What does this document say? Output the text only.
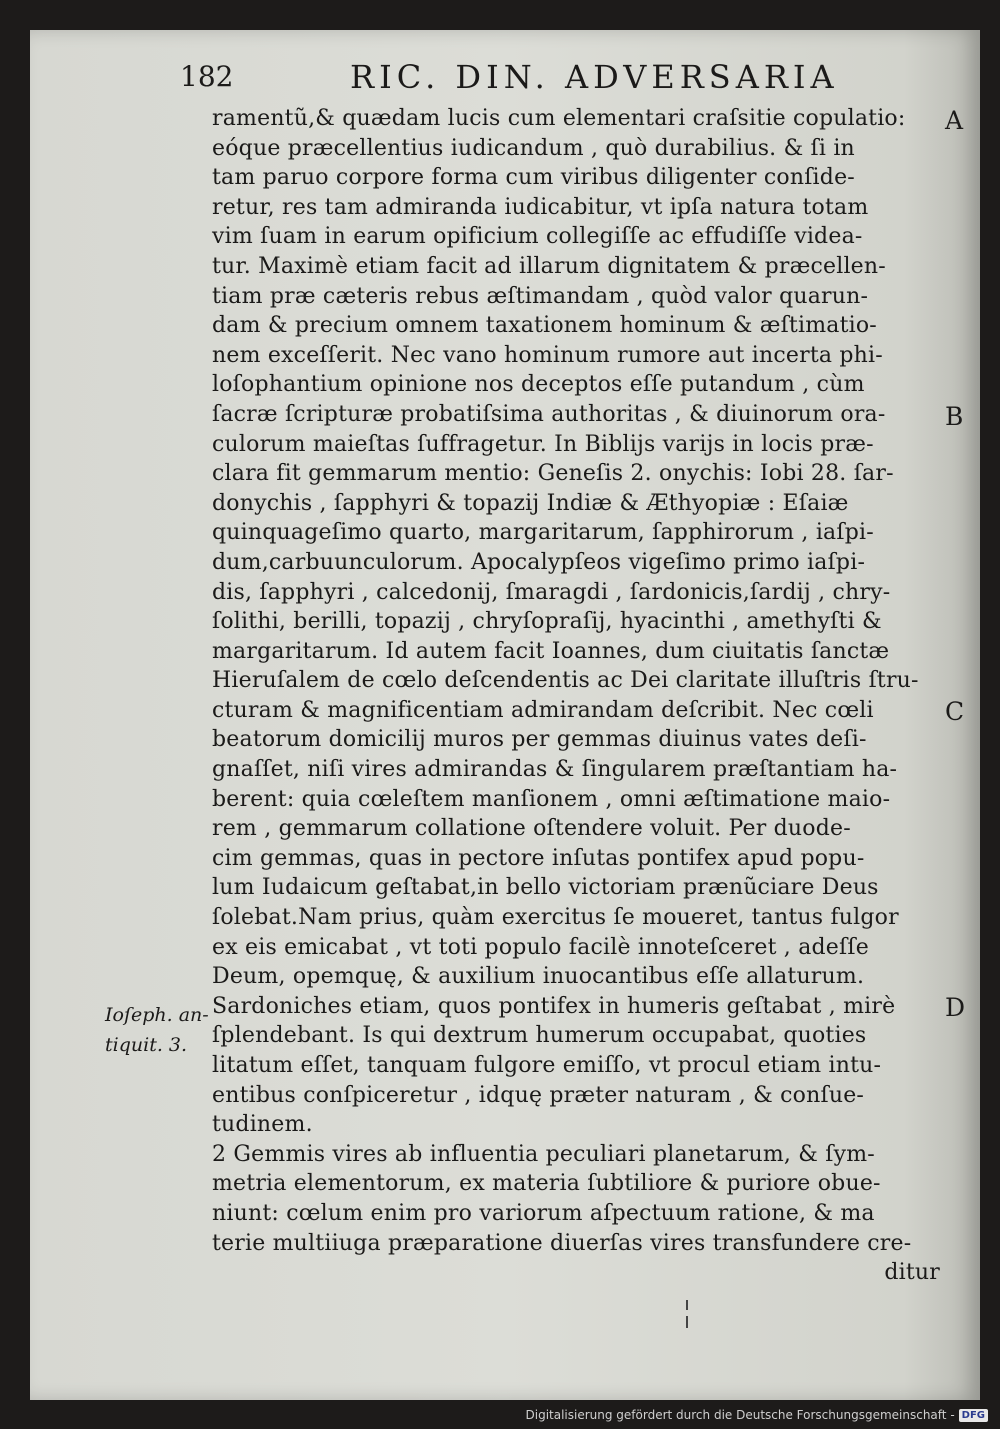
182	RIC. DIN. ADVERSARIA
ramentũ,& quædam lucis cum elementari craſsitie copulatio:
eóque præcellentius iudicandum , quò durabilius. & ſi in
tam paruo corpore forma cum viribus diligenter conſide-
retur, res tam admiranda iudicabitur, vt ipſa natura totam
vim ſuam in earum opificium collegiſſe ac effudiſſe videa-
tur. Maximè etiam facit ad illarum dignitatem & præcellen-
tiam præ cæteris rebus æſtimandam , quòd valor quarun-
dam & precium omnem taxationem hominum & æſtimatio-
nem exceſſerit. Nec vano hominum rumore aut incerta phi-
loſophantium opinione nos deceptos eſſe putandum , cùm
ſacræ ſcripturæ probatiſsima authoritas , & diuinorum ora-
culorum maieſtas ſuffragetur. In Biblijs varijs in locis præ-
clara fit gemmarum mentio: Geneſis 2. onychis: Iobi 28. ſar-
donychis , ſapphyri & topazij Indiæ & Æthyopiæ : Eſaiæ
quinquageſimo quarto, margaritarum, ſapphirorum , iaſpi-
dum,carbuunculorum. Apocalypſeos vigeſimo primo iaſpi-
dis, ſapphyri , calcedonij, ſmaragdi , ſardonicis,ſardij , chry-
ſolithi, berilli, topazij , chryſopraſij, hyacinthi , amethyſti &
margaritarum. Id autem facit Ioannes, dum ciuitatis ſanctæ
Hieruſalem de cœlo deſcendentis ac Dei claritate illuſtris ſtru-
cturam & magnificentiam admirandam deſcribit. Nec cœli
beatorum domicilij muros per gemmas diuinus vates deſi-
gnaſſet, niſi vires admirandas & ſingularem præſtantiam ha-
berent: quia cœleſtem manſionem , omni æſtimatione maio-
rem , gemmarum collatione oſtendere voluit. Per duode-
cim gemmas, quas in pectore inſutas pontifex apud popu-
lum Iudaicum geſtabat,in bello victoriam prænũciare Deus
ſolebat.Nam prius, quàm exercitus ſe moueret, tantus fulgor
ex eis emicabat , vt toti populo facilè innoteſceret , adeſſe
Deum, opemquę, & auxilium inuocantibus eſſe allaturum.
Sardoniches etiam, quos pontifex in humeris geſtabat , mirè
ſplendebant. Is qui dextrum humerum occupabat, quoties
litatum eſſet, tanquam fulgore emiſſo, vt procul etiam intu-
entibus conſpiceretur , idquę præter naturam , & conſue-
tudinem.
2 Gemmis vires ab influentia peculiari planetarum, & ſym-
metria elementorum, ex materia ſubtiliore & puriore obue-
niunt: cœlum enim pro variorum aſpectuum ratione, & ma
terie multiiuga præparatione diuerſas vires transfundere cre-
ditur
A
B
C
D
Ioſeph. an-
tiquit. 3.
Digitalisierung gefördert durch die Deutsche Forschungsgemeinschaft - DFG
